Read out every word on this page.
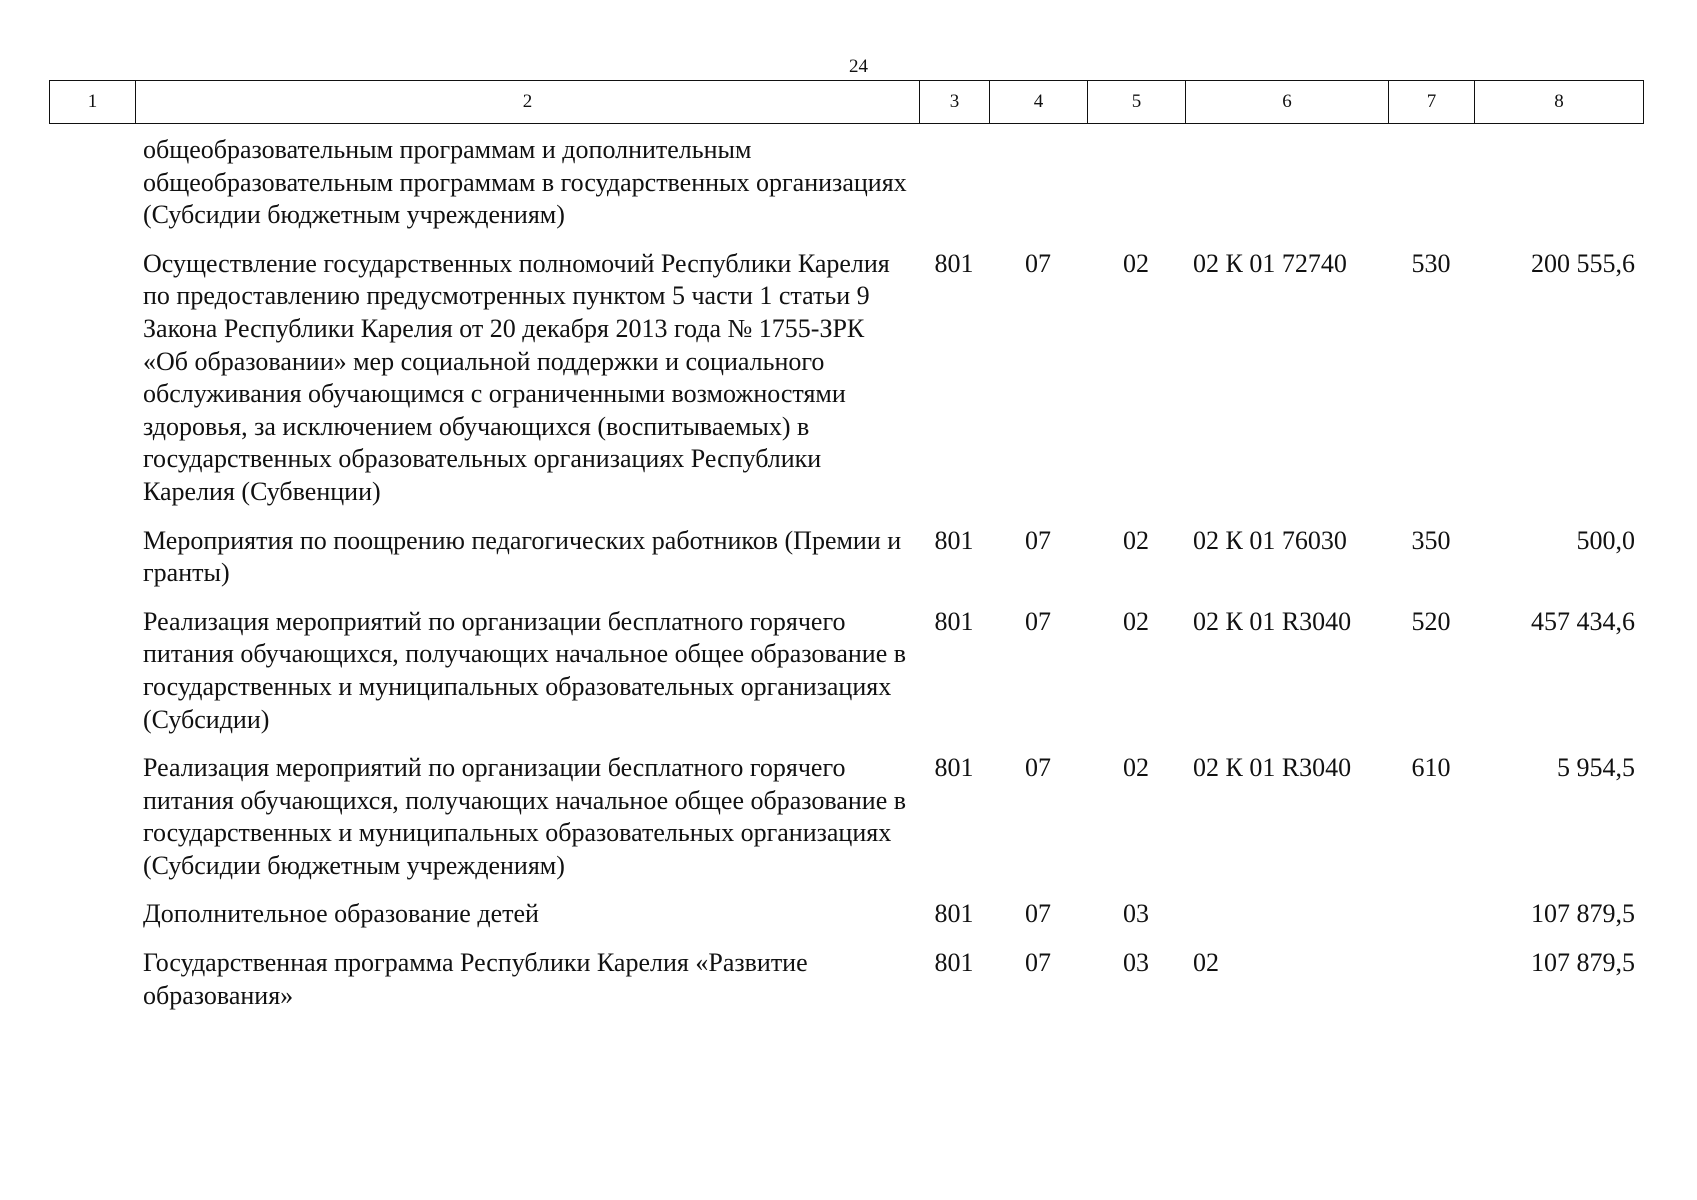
24
1	2	3	4	5	6	7	8
	общеобразовательным программам и дополнительным общеобразовательным программам в государственных организациях (Субсидии бюджетным учреждениям)						
	Осуществление государственных полномочий Республики Карелия по предоставлению предусмотренных пунктом 5 части 1 статьи 9 Закона Республики Карелия от 20 декабря 2013 года № 1755-ЗРК «Об образовании» мер социальной поддержки и социального обслуживания обучающимся с ограниченными возможностями здоровья, за исключением обучающихся (воспитываемых) в государственных образовательных организациях Республики Карелия (Субвенции)	801	07	02	02 К 01 72740	530	200 555,6
	Мероприятия по поощрению педагогических работников (Премии и гранты)	801	07	02	02 К 01 76030	350	500,0
	Реализация мероприятий по организации бесплатного горячего питания обучающихся, получающих начальное общее образование в государственных и муниципальных образовательных организациях (Субсидии)	801	07	02	02 К 01 R3040	520	457 434,6
	Реализация мероприятий по организации бесплатного горячего питания обучающихся, получающих начальное общее образование в государственных и муниципальных образовательных организациях (Субсидии бюджетным учреждениям)	801	07	02	02 К 01 R3040	610	5 954,5
	Дополнительное образование детей	801	07	03			107 879,5
	Государственная программа Республики Карелия «Развитие образования»	801	07	03	02		107 879,5
